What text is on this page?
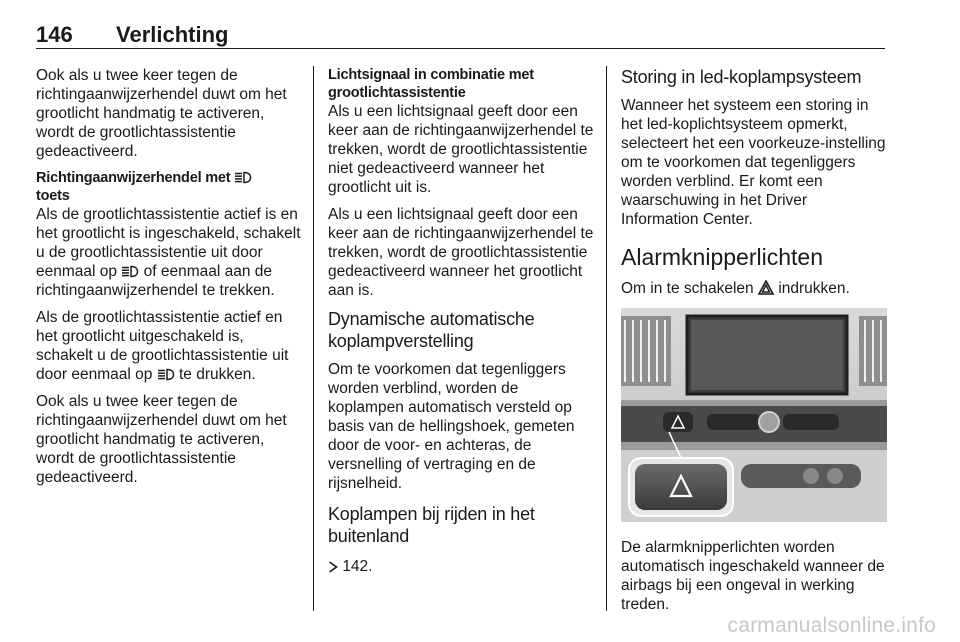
146 Verlichting

Ook als u twee keer tegen de richtingaanwijzerhendel duwt om het grootlicht handmatig te activeren, wordt de grootlichtassistentie gedeactiveerd.

Richtingaanwijzerhendel met
toets

Als de grootlichtassistentie actief is en het grootlicht is ingeschakeld, schakelt u de grootlichtassistentie uit door eenmaal op of eenmaal aan de richtingaanwijzerhendel te trekken.

Als de grootlichtassistentie actief en het grootlicht uitgeschakeld is, schakelt u de grootlichtassistentie uit door eenmaal op te drukken.

Ook als u twee keer tegen de richtingaanwijzerhendel duwt om het grootlicht handmatig te activeren, wordt de grootlichtassistentie gedeactiveerd.

Lichtsignaal in combinatie met grootlichtassistentie

Als u een lichtsignaal geeft door een keer aan de richtingaanwijzerhendel te trekken, wordt de grootlichtassistentie niet gedeactiveerd wanneer het grootlicht uit is.

Als u een lichtsignaal geeft door een keer aan de richtingaanwijzerhendel te trekken, wordt de grootlichtassistentie gedeactiveerd wanneer het grootlicht aan is.

Dynamische automatische koplampverstelling

Om te voorkomen dat tegenliggers worden verblind, worden de koplampen automatisch versteld op basis van de hellingshoek, gemeten door de voor- en achteras, de versnelling of vertraging en de rijsnelheid.

Koplampen bij rijden in het buitenland

142.

Storing in led-koplampsysteem

Wanneer het systeem een storing in het led-koplichtsysteem opmerkt, selecteert het een voorkeuze-instelling om te voorkomen dat tegenliggers worden verblind. Er komt een waarschuwing in het Driver Information Center.

Alarmknipperlichten

Om in te schakelen indrukken.

De alarmknipperlichten worden automatisch ingeschakeld wanneer de airbags bij een ongeval in werking treden.

carmanualsonline.info
